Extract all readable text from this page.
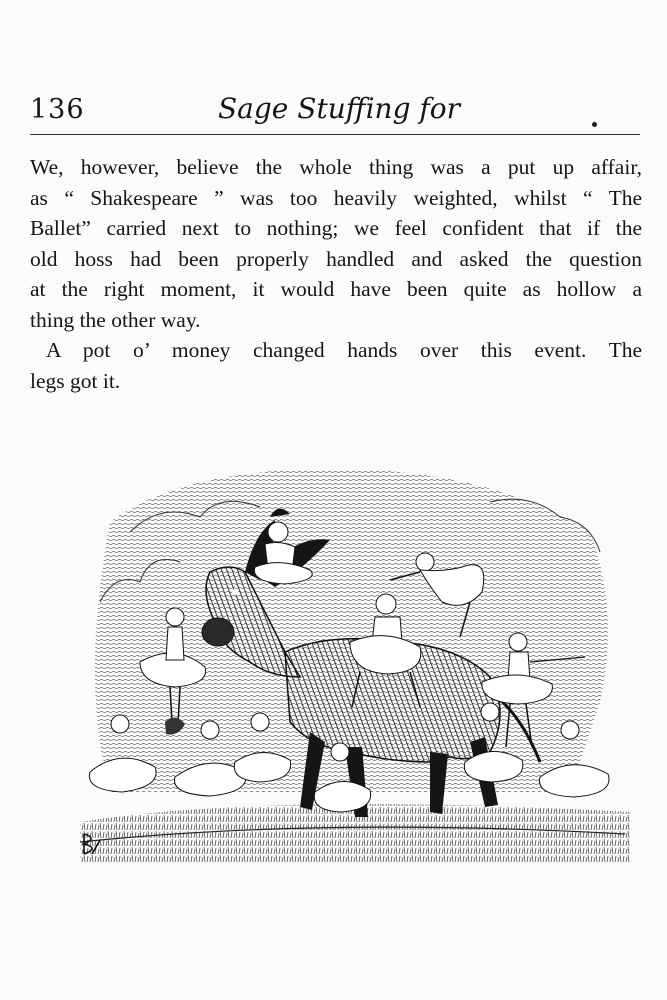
136	Sage Stuffing for

We, however, believe the whole thing was a put up affair,
as “ Shakespeare ” was too heavily weighted, whilst “ The
Ballet” carried next to nothing; we feel confident that if the
old hoss had been properly handled and asked the question
at the right moment, it would have been quite as hollow a
thing the other way.

A pot o’ money changed hands over this event. The
legs got it.
